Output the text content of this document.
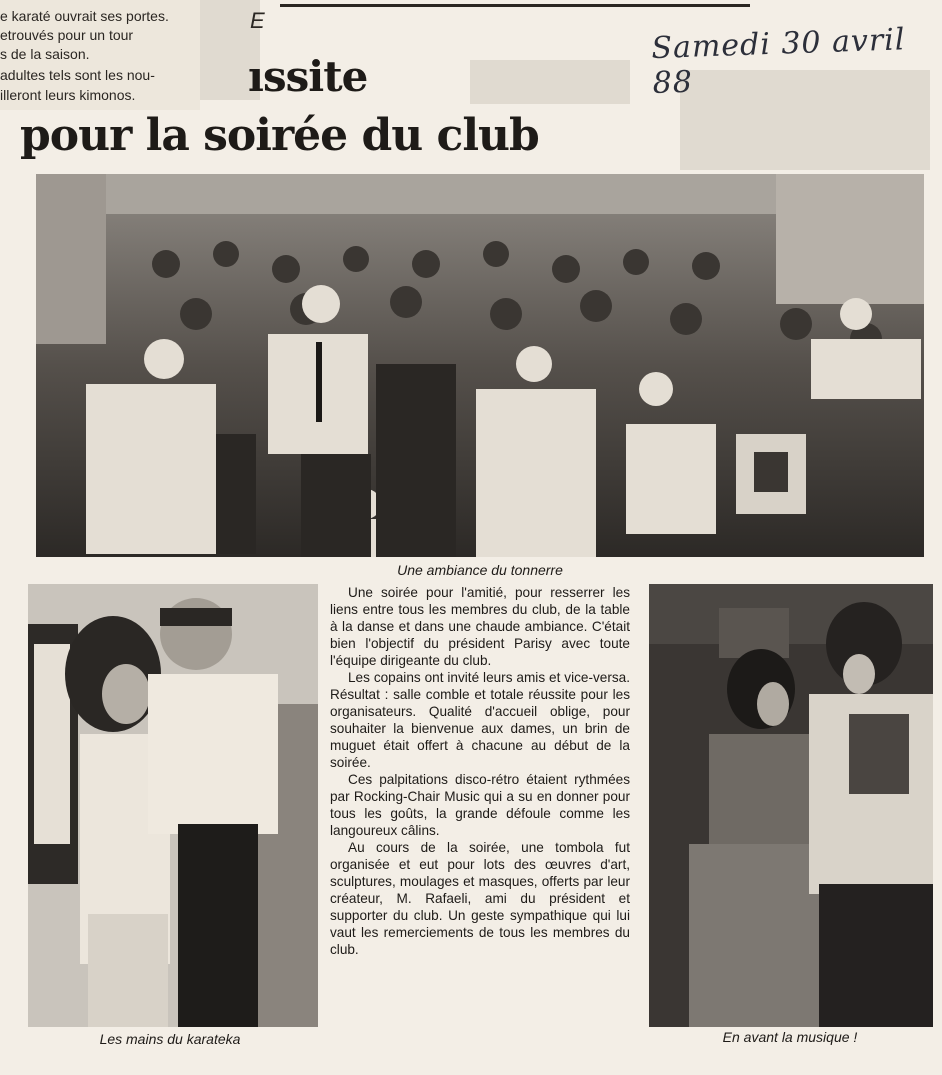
e karaté ouvrait ses portes.
etrouvés pour un tour
s de la saison.
adultes tels sont les nou-
illeront leurs kimonos.
E
Samedi 30 avril 88
ıssite
pour la soirée du club
Une ambiance du tonnerre
Les mains du karateka

Une soirée pour l'amitié, pour resserrer les liens entre tous les membres du club, de la table à la danse et dans une chaude ambiance. C'était bien l'objectif du président Parisy avec toute l'équipe dirigeante du club.

Les copains ont invité leurs amis et vice-versa. Résultat : salle comble et totale réussite pour les organisateurs. Qualité d'accueil oblige, pour souhaiter la bienvenue aux dames, un brin de muguet était offert à chacune au début de la soirée.

Ces palpitations disco-rétro étaient rythmées par Rocking-Chair Music qui a su en donner pour tous les goûts, la grande défoule comme les langoureux câlins.

Au cours de la soirée, une tombola fut organisée et eut pour lots des œuvres d'art, sculptures, moulages et masques, offerts par leur créateur, M. Rafaeli, ami du président et supporter du club. Un geste sympathique qui lui vaut les remerciements de tous les membres du club.

En avant la musique !
